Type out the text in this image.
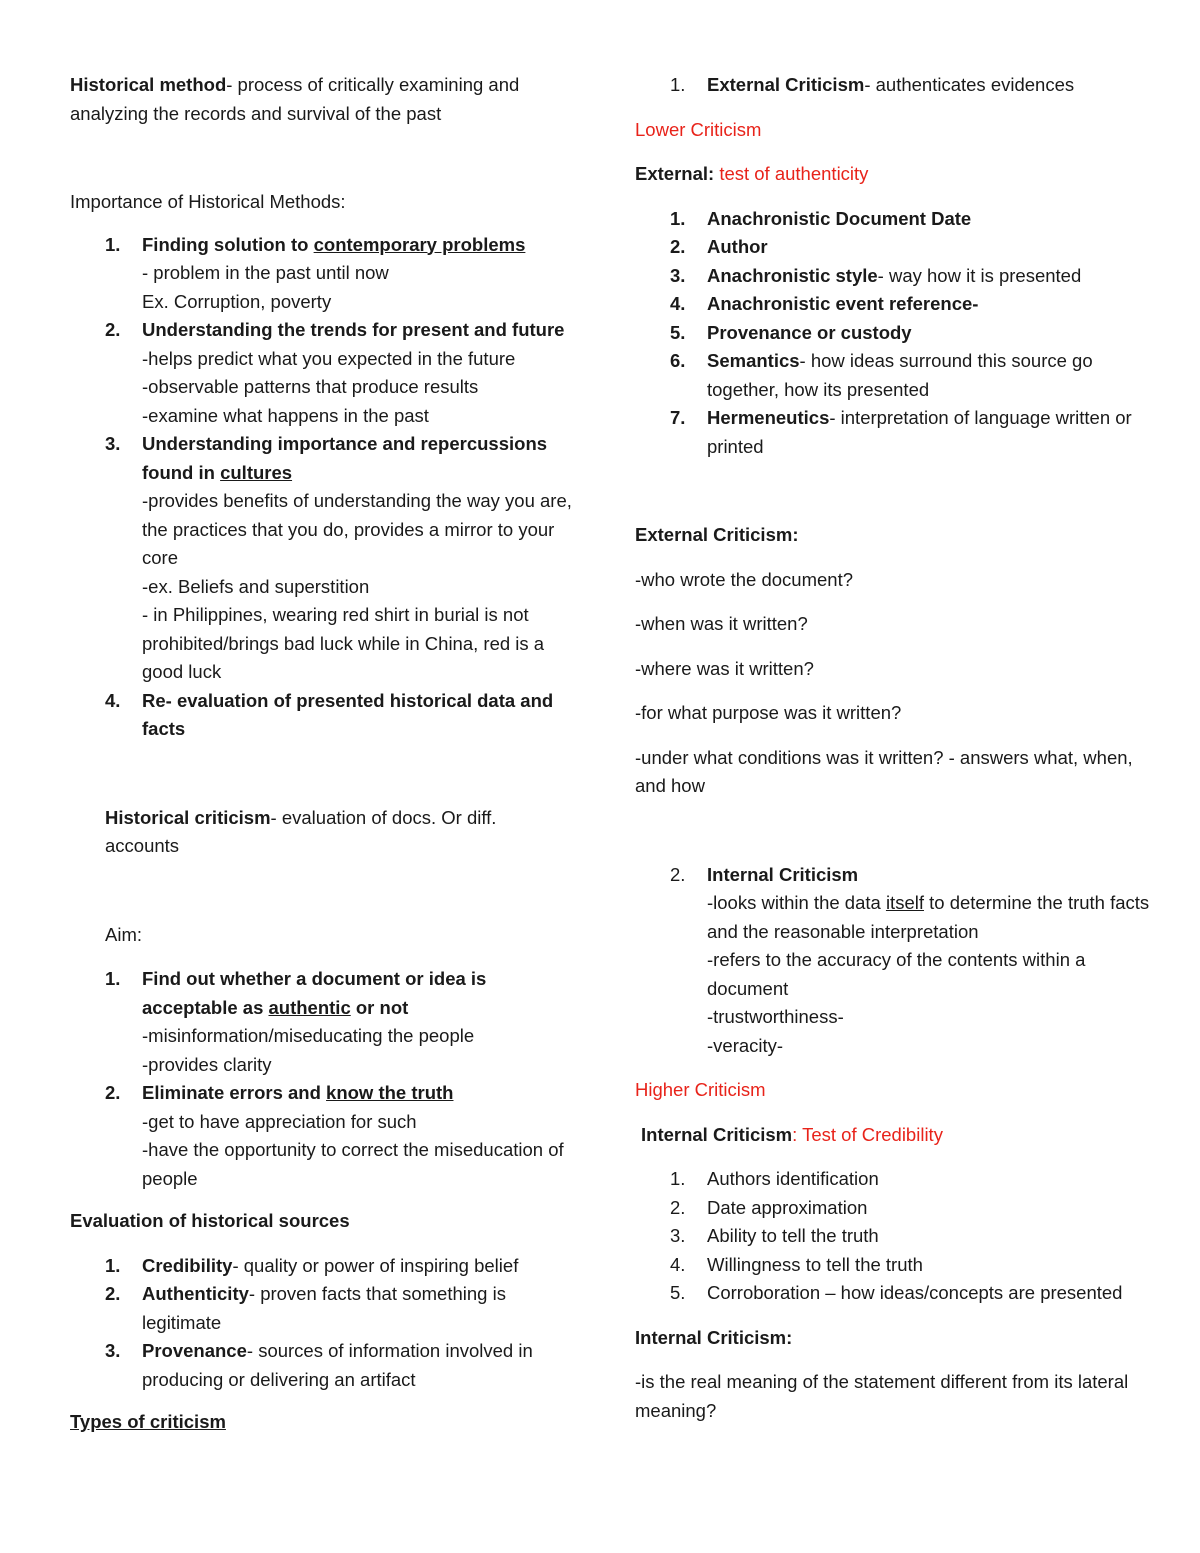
Historical method- process of critically examining and analyzing the records and survival of the past

Importance of Historical Methods:

1.	Finding solution to contemporary problems
- problem in the past until now
Ex. Corruption, poverty
2.	Understanding the trends for present and future
-helps predict what you expected in the future
-observable patterns that produce results
-examine what happens in the past
3.	Understanding importance and repercussions found in cultures
-provides benefits of understanding the way you are, the practices that you do, provides a mirror to your core
-ex. Beliefs and superstition
- in Philippines, wearing red shirt in burial is not prohibited/brings bad luck while in China, red is a good luck
4.	Re- evaluation of presented historical data and facts

Historical criticism- evaluation of docs. Or diff. accounts

Aim:

1.	Find out whether a document or idea is acceptable as authentic or not
-misinformation/miseducating the people
-provides clarity
2.	Eliminate errors and know the truth
-get to have appreciation for such
-have the opportunity to correct the miseducation of people

Evaluation of historical sources

1.	Credibility- quality or power of inspiring belief
2.	Authenticity- proven facts that something is legitimate
3.	Provenance- sources of information involved in producing or delivering an artifact

Types of criticism

1.	External Criticism- authenticates evidences

Lower Criticism

External: test of authenticity

1.	Anachronistic Document Date
2.	Author
3.	Anachronistic style- way how it is presented
4.	Anachronistic event reference-
5.	Provenance or custody
6.	Semantics- how ideas surround this source go together, how its presented
7.	Hermeneutics- interpretation of language written or printed

External Criticism:

-who wrote the document?

-when was it written?

-where was it written?

-for what purpose was it written?

-under what conditions was it written? - answers what, when, and how

2.	Internal Criticism
-looks within the data itself to determine the truth facts and the reasonable interpretation
-refers to the accuracy of the contents within a document
-trustworthiness-
-veracity-

Higher Criticism

Internal Criticism: Test of Credibility

1.	Authors identification
2.	Date approximation
3.	Ability to tell the truth
4.	Willingness to tell the truth
5.	Corroboration – how ideas/concepts are presented

Internal Criticism:

-is the real meaning of the statement different from its lateral meaning?
